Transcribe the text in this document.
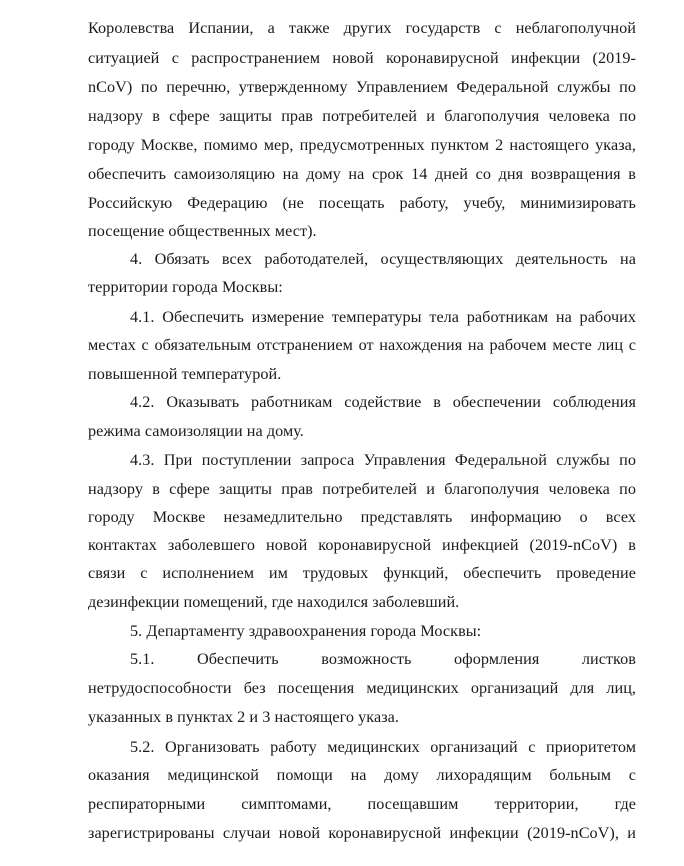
Королевства Испании, а также других государств с неблагополучной
ситуацией с распространением новой коронавирусной инфекции (2019-
nCoV) по перечню, утвержденному Управлением Федеральной службы по
надзору в сфере защиты прав потребителей и благополучия человека по
городу Москве, помимо мер, предусмотренных пунктом 2 настоящего указа,
обеспечить самоизоляцию на дому на срок 14 дней со дня возвращения в
Российскую Федерацию (не посещать работу, учебу, минимизировать
посещение общественных мест).
4. Обязать всех работодателей, осуществляющих деятельность на
территории города Москвы:
4.1. Обеспечить измерение температуры тела работникам на рабочих
местах с обязательным отстранением от нахождения на рабочем месте лиц с
повышенной температурой.
4.2. Оказывать работникам содействие в обеспечении соблюдения
режима самоизоляции на дому.
4.3. При поступлении запроса Управления Федеральной службы по
надзору в сфере защиты прав потребителей и благополучия человека по
городу Москве незамедлительно представлять информацию о всех
контактах заболевшего новой коронавирусной инфекцией (2019-nCoV) в
связи с исполнением им трудовых функций, обеспечить проведение
дезинфекции помещений, где находился заболевший.
5. Департаменту здравоохранения города Москвы:
5.1. Обеспечить возможность оформления листков
нетрудоспособности без посещения медицинских организаций для лиц,
указанных в пунктах 2 и 3 настоящего указа.
5.2. Организовать работу медицинских организаций с приоритетом
оказания медицинской помощи на дому лихорадящим больным с
респираторными симптомами, посещавшим территории, где
зарегистрированы случаи новой коронавирусной инфекции (2019-nCoV), и
